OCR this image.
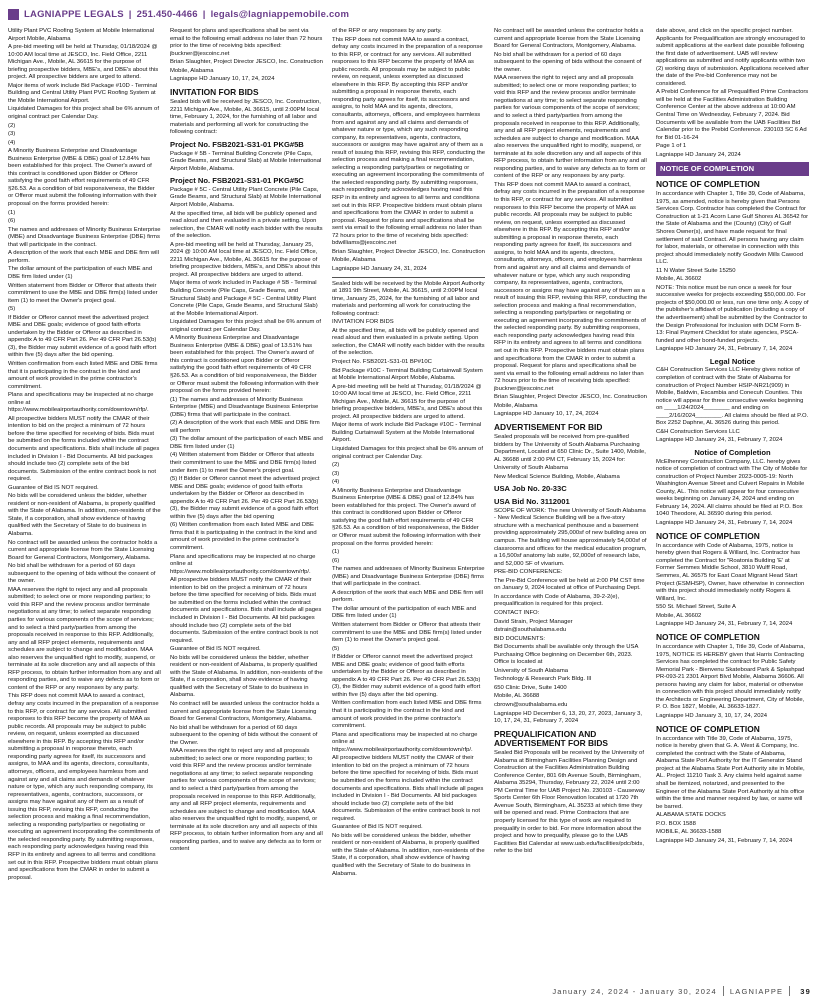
LAGNIAPPE LEGALS | 251.450-4466 | legals@lagniappemobile.com

Utility Plant PVC Roofing System at Mobile International Airport Mobile, Alabama

A pre-bid meeting will be held at Thursday, 01/18/2024 @ 10:00 AM local time at JESCO, Inc. Field Office, 2211 Michigan Ave., Mobile, AL 36615 for the purpose of briefing prospective bidders, MBE's, and DBE's about this project. All prospective bidders are urged to attend.

Major items of work include Bid Package #10D - Terminal Building and Central Utility Plant PVC Roofing System at the Mobile International Airport.

Liquidated Damages for this project shall be 6% annum of original contract per Calendar Day.

(2)

(3)

(4)

A Minority Business Enterprise and Disadvantage Business Enterprise (MBE & DBE) goal of 12.84% has been established for this project. The Owner's award of this contract is conditioned upon Bidder or Offeror satisfying the good faith effort requirements of 49 CFR §26.53. As a condition of bid responsiveness, the Bidder or Offeror must submit the following information with their proposal on the forms provided herein:

(1)

(6)

The names and addresses of Minority Business Enterprise (MBE) and Disadvantage Business Enterprise (DBE) firms that will participate in the contract.

A description of the work that each MBE and DBE firm will perform.

The dollar amount of the participation of each MBE and DBE firm listed under (1)

Written statement from Bidder or Offeror that attests their commitment to use the MBE and DBE firm(s) listed under item (1) to meet the Owner's project goal.

(5)

If Bidder or Offeror cannot meet the advertised project MBE and DBE goals; evidence of good faith efforts undertaken by the Bidder or Offeror as described in appendix A to 49 CFR Part 26. Per 49 CFR Part 26.53(b)(3), the Bidder may submit evidence of a good faith effort within five (5) days after the bid opening.

Written confirmation from each listed MBE and DBE firms that it is participating in the contract in the kind and amount of work provided in the prime contractor's commitment.

Plans and specifications may be inspected at no charge online at https://www.mobileairportauthority.com/downtown/rfp/.

All prospective bidders MUST notify the CMAR of their intention to bid on the project a minimum of 72 hours before the time specified for receiving of bids. Bids must be submitted on the forms included within the contract documents and specifications. Bids shall include all pages included in Division I - Bid Documents. All bid packages should include two (2) complete sets of the bid documents. Submission of the entire contract book is not required.

Guarantee of Bid IS NOT required.

No bids will be considered unless the bidder, whether resident or non-resident of Alabama, is properly qualified with the State of Alabama. In addition, non-residents of the State, if a corporation, shall show evidence of having qualified with the Secretary of State to do business in Alabama.

No contract will be awarded unless the contractor holds a current and appropriate license from the State Licensing Board for General Contractors, Montgomery, Alabama.

No bid shall be withdrawn for a period of 60 days subsequent to the opening of bids without the consent of the owner.

MAA reserves the right to reject any and all proposals submitted; to select one or more responding parties; to void this RFP and the review process and/or terminate negotiations at any time; to select separate responding parties for various components of the scope of services; and to select a third party/parties from among the proposals received in response to this RFP. Additionally, any and all RFP project elements, requirements and schedules are subject to change and modification. MAA also reserves the unqualified right to modify, suspend, or terminate at its sole discretion any and all aspects of this RFP process, to obtain further information from any and all responding parties, and to waive any defects as to form or content of the RFP or any responses by any party.

This RFP does not commit MAA to award a contract, defray any costs incurred in the preparation of a response to this RFP, or contract for any services. All submitted responses to this RFP become the property of MAA as public records. All proposals may be subject to public review, on request, unless exempted as discussed elsewhere in this RFP. By accepting this RFP and/or submitting a proposal in response thereto, each responding party agrees for itself, its successors and assigns, to MAA and its agents, directors, consultants, attorneys, officers, and employees harmless from and against any and all claims and demands of whatever nature or type, which any such responding company, its representatives, agents, contractors, successors, or assigns may have against any of them as a result of issuing this RFP, revising this RFP, conducting the selection process and making a final recommendation, selecting a responding party/parties or negotiating or executing an agreement incorporating the commitments of the selected responding party. By submitting responses, each responding party acknowledges having read this RFP in its entirety and agrees to all terms and conditions set out in this RFP. Prospective bidders must obtain plans and specifications from the CMAR in order to submit a proposal.

Request for plans and specifications shall be sent via email to the following email address no later than 72 hours prior to the time of receiving bids specified: jbuckner@jescoinc.net

Brian Slaughter, Project Director JESCO, Inc. Construction

Mobile, Alabama

Lagniappe HD January 10, 17, 24, 2024

INVITATION FOR BIDS

Sealed bids will be received by JESCO, Inc. Construction, 2211 Michigan Ave., Mobile, AL 36615, until 2:00PM local time, February 1, 2024, for the furnishing of all labor and materials and performing all work for constructing the following contract:

Project No. FSB2021-S31-01 PKG#5B

Package # 5B - Terminal Building Concrete (Pile Caps, Grade Beams, and Structural Slab) at Mobile International Airport Mobile, Alabama.

Project No. FSB2021-S31-01 PKG#5C

Package # 5C - Central Utility Plant Concrete (Pile Caps, Grade Beams, and Structural Slab) at Mobile International Airport Mobile, Alabama.

At the specified time, all bids will be publicly opened and read aloud and then evaluated in a private setting. Upon selection, the CMAR will notify each bidder with the results of the selection.

A pre-bid meeting will be held at Thursday, January 25, 2024 @ 10:00 AM local time at JESCO, Inc. Field Office, 2211 Michigan Ave., Mobile, AL 36615 for the purpose of briefing prospective bidders, MBE's, and DBE's about this project. All prospective bidders are urged to attend.

Major items of work included in Package # 5B - Terminal Building Concrete (Pile Caps, Grade Beams, and Structural Slab) and Package # 5C - Central Utility Plant Concrete (Pile Caps, Grade Beams, and Structural Slab) at the Mobile International Airport.

Liquidated Damages for this project shall be 6% annum of original contract per Calendar Day.

A Minority Business Enterprise and Disadvantage Business Enterprise (MBE & DBE) goal of 13.51% has been established for this project. The Owner's award of this contract is conditioned upon Bidder or Offeror satisfying the good faith effort requirements of 49 CFR §26.53. As a condition of bid responsiveness, the Bidder or Offeror must submit the following information with their proposal on the forms provided herein:

(1) The names and addresses of Minority Business Enterprise (MBE) and Disadvantage Business Enterprise (DBE) firms that will participate in the contract.

(2) A description of the work that each MBE and DBE firm will perform

(3) The dollar amount of the participation of each MBE and DBE firm listed under (1)

(4) Written statement from Bidder or Offeror that attests their commitment to use the MBE and DBE firm(s) listed under item (1) to meet the Owner's project goal.

(5) If Bidder or Offeror cannot meet the advertised project MBE and DBE goals; evidence of good faith efforts undertaken by the Bidder or Offeror as described in appendix A to 49 CFR Part 26. Per 49 CFR Part 26.53(b)(3), the Bidder may submit evidence of a good faith effort within five (5) days after the bid opening

(6) Written confirmation from each listed MBE and DBE firms that it is participating in the contract in the kind and amount of work provided in the prime contractor's commitment.

Plans and specifications may be inspected at no charge online at https://www.mobileairportauthority.com/downtown/rfp/.

All prospective bidders MUST notify the CMAR of their intention to bid on the project a minimum of 72 hours before the time specified for receiving of bids. Bids must be submitted on the forms included within the contract documents and specifications. Bids shall include all pages included in Division I - Bid Documents. All bid packages should include two (2) complete sets of the bid documents. Submission of the entire contract book is not required.

Guarantee of Bid IS NOT required.

No bids will be considered unless the bidder, whether resident or non-resident of Alabama, is properly qualified with the State of Alabama. In addition, non-residents of the State, if a corporation, shall show evidence of having qualified with the Secretary of State to do business in Alabama.

No contract will be awarded unless the contractor holds a current and appropriate license from the State Licensing Board for General Contractors, Montgomery, Alabama.

No bid shall be withdrawn for a period of 60 days subsequent to the opening of bids without the consent of the Owner.

MAA reserves the right to reject any and all proposals submitted; to select one or more responding parties; to void this RFP and the review process and/or terminate negotiations at any time; to select separate responding parties for various components of the scope of services; and to select a third party/parties from among the proposals received in response to this RFP. Additionally, any and all RFP project elements, requirements and schedules are subject to change and modification. MAA also reserves the unqualified right to modify, suspend, or terminate at its sole discretion any and all aspects of this RFP process, to obtain further information from any and all responding parties, and to waive any defects as to form or content

of the RFP or any responses by any party.

This RFP does not commit MAA to award a contract, defray any costs incurred in the preparation of a response to this RFP, or contract for any services. All submitted responses to this RFP become the property of MAA as public records. All proposals may be subject to public review, on request, unless exempted as discussed elsewhere in this RFP. By accepting this RFP and/or submitting a proposal in response thereto, each responding party agrees for itself, its successors and assigns, to hold MAA and its agents, directors, consultants, attorneys, officers, and employees harmless from and against any and all claims and demands of whatever nature or type, which any such responding company, its representatives, agents, contractors, successors or assigns may have against any of them as a result of issuing this RFP, revising this RFP, conducting the selection process and making a final recommendation, selecting a responding party/parties or negotiating or executing an agreement incorporating the commitments of the selected responding party. By submitting responses, each responding party acknowledges having read this RFP in its entirety and agrees to all terms and conditions set out in this RFP. Prospective bidders must obtain plans and specifications from the CMAR in order to submit a proposal. Request for plans and specifications shall be sent via email to the following email address no later than 72 hours prior to the time of receiving bids specified: bdwilliams@jescoinc.net

Brian Slaughter, Project Director JESCO, Inc. Construction

Mobile, Alabama

Lagniappe HD January 24, 31, 2024

Sealed bids will be received by the Mobile Airport Authority at 1891 9th Street, Mobile, AL 36615, until 2:00PM local time, January 25, 2024, for the furnishing of all labor and materials and performing all work for constructing the following contract:

INVITATION FOR BIDS

At the specified time, all bids will be publicly opened and read aloud and then evaluated in a private setting. Upon selection, the CMAR will notify each bidder with the results of the selection.

Project No. FSB2021-S31-01 BP#10C

Bid Package #10C - Terminal Building Curtainwall System at Mobile International Airport Mobile, Alabama.

A pre-bid meeting will be held at Thursday, 01/18/2024 @ 10:00 AM local time at JESCO, Inc. Field Office, 2211 Michigan Ave., Mobile, AL 36615 for the purpose of briefing prospective bidders, MBE's, and DBE's about this project. All prospective bidders are urged to attend.

Major items of work include Bid Package #10C - Terminal Building Curtainwall System at the Mobile International Airport.

Liquidated Damages for this project shall be 6% annum of original contract per Calendar Day.

(2)

(3)

(4)

A Minority Business Enterprise and Disadvantage Business Enterprise (MBE & DBE) goal of 12.84% has been established for this project. The Owner's award of this contract is conditioned upon Bidder or Offeror satisfying the good faith effort requirements of 49 CFR §26.53. As a condition of bid responsiveness, the Bidder or Offeror must submit the following information with their proposal on the forms provided herein:

(1)

(6)

The names and addresses of Minority Business Enterprise (MBE) and Disadvantage Business Enterprise (DBE) firms that will participate in the contract.

A description of the work that each MBE and DBE firm will perform.

The dollar amount of the participation of each MBE and DBE firm listed under (1)

Written statement from Bidder or Offeror that attests their commitment to use the MBE and DBE firm(s) listed under item (1) to meet the Owner's project goal.

(5)

If Bidder or Offeror cannot meet the advertised project MBE and DBE goals; evidence of good faith efforts undertaken by the Bidder or Offeror as described in appendix A to 49 CFR Part 26. Per 49 CFR Part 26.53(b)(3), the Bidder may submit evidence of a good faith effort within five (5) days after the bid opening.

Written confirmation from each listed MBE and DBE firms that it is participating in the contract in the kind and amount of work provided in the prime contractor's commitment.

Plans and specifications may be inspected at no charge online at https://www.mobileairportauthority.com/downtown/rfp/.

All prospective bidders MUST notify the CMAR of their intention to bid on the project a minimum of 72 hours before the time specified for receiving of bids. Bids must be submitted on the forms included within the contract documents and specifications. Bids shall include all pages included in Division I - Bid Documents. All bid packages should include two (2) complete sets of the bid documents. Submission of the entire contract book is not required.

Guarantee of Bid IS NOT required.

No bids will be considered unless the bidder, whether resident or non-resident of Alabama, is properly qualified with the State of Alabama. In addition, non-residents of the State, if a corporation, shall show evidence of having qualified with the Secretary of State to do business in Alabama.

No contract will be awarded unless the contractor holds a current and appropriate license from the State Licensing Board for General Contractors, Montgomery, Alabama.

No bid shall be withdrawn for a period of 60 days subsequent to the opening of bids without the consent of the owner.

MAA reserves the right to reject any and all proposals submitted; to select one or more responding parties; to void this RFP and the review process and/or terminate negotiations at any time; to select separate responding parties for various components of the scope of services; and to select a third party/parties from among the proposals received in response to this RFP. Additionally, any and all RFP project elements, requirements and schedules are subject to change and modification. MAA also reserves the unqualified right to modify, suspend, or terminate at its sole discretion any and all aspects of this RFP process, to obtain further information from any and all responding parties, and to waive any defects as to form or content of the RFP or any responses by any party.

This RFP does not commit MAA to award a contract, defray any costs incurred in the preparation of a response to this RFP, or contract for any services. All submitted responses to this RFP become the property of MAA as public records. All proposals may be subject to public review, on request, unless exempted as discussed elsewhere in this RFP. By accepting this RFP and/or submitting a proposal in response thereto, each responding party agrees for itself, its successors and assigns, to hold MAA and its agents, directors, consultants, attorneys, officers, and employees harmless from and against any and all claims and demands of whatever nature or type, which any such responding company, its representatives, agents, contractors, successors or assigns may have against any of them as a result of issuing this RFP, revising this RFP, conducting the selection process and making a final recommendation, selecting a responding party/parties or negotiating or executing an agreement incorporating the commitments of the selected responding party. By submitting responses, each responding party acknowledges having read this RFP in its entirety and agrees to all terms and conditions set out in this RFP. Prospective bidders must obtain plans and specifications from the CMAR in order to submit a proposal. Request for plans and specifications shall be sent via email to the following email address no later than 72 hours prior to the time of receiving bids specified: jbuckner@jescoinc.net

Brian Slaughter, Project Director JESCO, Inc. Construction

Mobile, Alabama

Lagniappe HD January 10, 17, 24, 2024

ADVERTISEMENT FOR BID

Sealed proposals will be received from pre-qualified bidders by The University of South Alabama Purchasing Department, Located at 650 Clinic Dr., Suite 1400, Mobile, AL 36688 until 2:00 PM CT, February 15, 2024 for:

University of South Alabama

New Medical Science Building, Mobile, Alabama

USA Job No. 20-33C
USA Bid No. 3112001

SCOPE OF WORK: The new University of South Alabama - New Medical Science Building will be a five-story structure with a mechanical penthouse and a basement providing approximately 295,000sf of new building area on campus. The building will house approximately 54,000sf of classrooms and offices for the medical education program, a 16,500sf anatomy lab suite, 92,000sf of research labs, and 52,000 SF of vivarium.

PRE-BID CONFERENCE:

The Pre-Bid Conference will be held at 2:00 PM CST time on January 9, 2024 located at office of Purchasing Dept.

In accordance with Code of Alabama, 39-2-2(e), prequalification is required for this project.

CONTACT INFO:

David Strain, Project Manager

dstrain@southalabama.edu

BID DOCUMENTS:

Bid Documents shall be available only through the USA Purchasing Office beginning on December 6th, 2023. Office is located at

University of South Alabama

Technology & Research Park Bldg. III

650 Clinic Drive, Suite 1400

Mobile, AL 36688

cbrown@southalabama.edu

Lagniappe HD December 6, 13, 20, 27, 2023, January 3, 10, 17, 24, 31, February 7, 2024

PREQUALIFICATION AND ADVERTISEMENT FOR BIDS

Sealed Bid Proposals will be received by the University of Alabama at Birmingham Facilities Planning Design and Construction at the Facilities Administration Building Conference Center, 801 6th Avenue South, Birmingham, Alabama 35294, Thursday, February 22, 2024 until 2:00 PM Central Time for UAB Project No. 230103 - Causeway Sports Center 6th Floor Renovation located at 1720 7th Avenue South, Birmingham, AL 35233 at which time they will be opened and read. Prime Contractors that are properly licensed for this type of work are required to prequalify in order to bid. For more information about the project and how to prequalify, please go to the UAB Facilities Bid Calendar at www.uab.edu/facilities/pdc/bids, refer to the bid

date above, and click on the specific project number. Applicants for Prequalification are strongly encouraged to submit applications at the earliest date possible following the first date of advertisement. UAB will review applications as submitted and notify applicants within two (2) working days of submission. Applications received after the date of the Pre-bid Conference may not be considered.

A Prebid Conference for all Prequalified Prime Contractors will be held at the Facilities Administration Building Conference Center at the above address at 10:00 AM Central Time on Wednesday, February 7, 2024. Bid Documents will be available from the UAB Facilities Bid Calendar prior to the Prebid Conference. 230103 SC 6 Ad for Bid 01-16-24

Page 1 of 1

Lagniappe HD January 24, 2024

NOTICE OF COMPLETION
NOTICE OF COMPLETION

In accordance with Chapter 1, Title 39, Code of Alabama, 1975, as amended, notice is hereby given that Persons Services Corp. Contractor has completed the Contract for Construction at 1-21 Acorn Lane Gulf Shores AL 36542 for the State of Alabama and the (County) (City) of Gulf Shores Owner(s), and have made request for final settlement of said Contract. All persons having any claim for labor, materials, or otherwise in connection with this project should immediately notify Goodwin Mills Cawood LLC.

11 N Water Street Suite 15250

Mobile, AL 36602

NOTE: This notice must be run once a week for four successive weeks for projects exceeding $50,000.00. For projects of $50,000.00 or less, run one time only. A copy of the publisher's affidavit of publication (including a copy of the advertisement) shall be submitted by the Contractor to the Design Professional for inclusion with DCM Form B-13: Final Payment Checklist for state agencies, PSCA-funded and other bond-funded projects.

Lagniappe HD January 24, 31, February 7, 14, 2024

Legal Notice

C&H Construction Services LLC Hereby gives notice of completion of contract with the State of Alabama for construction of Project Number HSIP-NR21(909) in Mobile, Baldwin, Escambia and Conecuh Counties. This notice will appear for three consecutive weeks beginning on ____1/24/2024________ and ending on ____2/16/2024________. All claims should be filed at P.O. Box 2252 Daphne, AL 36526 during this period.

C&H Construction Services LLC

Lagniappe HD January 24, 31, February 7, 2024

Notice of Completion

McElhenney Construction Company, LLC. hereby gives notice of completion of contract with The City of Mobile for construction of Project Number 2023-0005-19: North Washington Avenue Street and Culvert Repairs in Mobile County, AL. This notice will appear for four consecutive weeks beginning on January 24, 2024 and ending on February 14, 2024. All claims should be filed at P.O. Box 1040 Theodore, AL 36590 during this period.

Lagniappe HD January 24, 31, February 7, 14, 2024

NOTICE OF COMPLETION

In accordance with Code of Alabama, 1975, notice is hereby given that Rogers & Willard, Inc. Contractor has completed the Contract for "Roatonia Building 'E' at Former Semmes Middle School, 3810 Wulff Road, Semmes, AL 36575 for East Coast Migrant Head Start Project (ESMHSP), Owner, have otherwise in connection with this project should immediately notify Rogers & Willard, Inc.

550 St. Michael Street, Suite A

Mobile, AL 36602

Lagniappe HD January 24, 31, February 7, 14, 2024

NOTICE OF COMPLETION

In accordance with Chapter 1, Title 39, Code of Alabama, 1975, NOTICE IS HEREBY given that Harris Contracting Services has completed the contract for Public Safety Memorial Park - Bienvenu Skateboard Park & Splashpad PR-093-21 2301 Airport Blvd Mobile, Alabama 36606. All persons having any claim for labor, material or otherwise in connection with this project should immediately notify the Architects or Engineering Department, City of Mobile, P. O. Box 1827, Mobile, AL 36633-1827.

Lagniappe HD January 3, 10, 17, 24, 2024

NOTICE OF COMPLETION

In accordance with Title 39, Code of Alabama, 1975, notice is hereby given that G. A. West & Company, Inc. completed the contract with the State of Alabama, Alabama State Port Authority for the IT Generator Stand project at the Alabama State Port Authority site in Mobile, AL. Project 11210 Task 3. Any claims held against same shall be itemized, notarized, and presented to the Engineer of the Alabama State Port Authority at his office within the time and manner required by law, or same will be barred.

ALABAMA STATE DOCKS

P.O. BOX 1588

MOBILE, AL 36633-1588

Lagniappe HD January 24, 31, February 7, 14, 2024

January 24, 2024 - January 30, 2024 LAGNIAPPE 39
